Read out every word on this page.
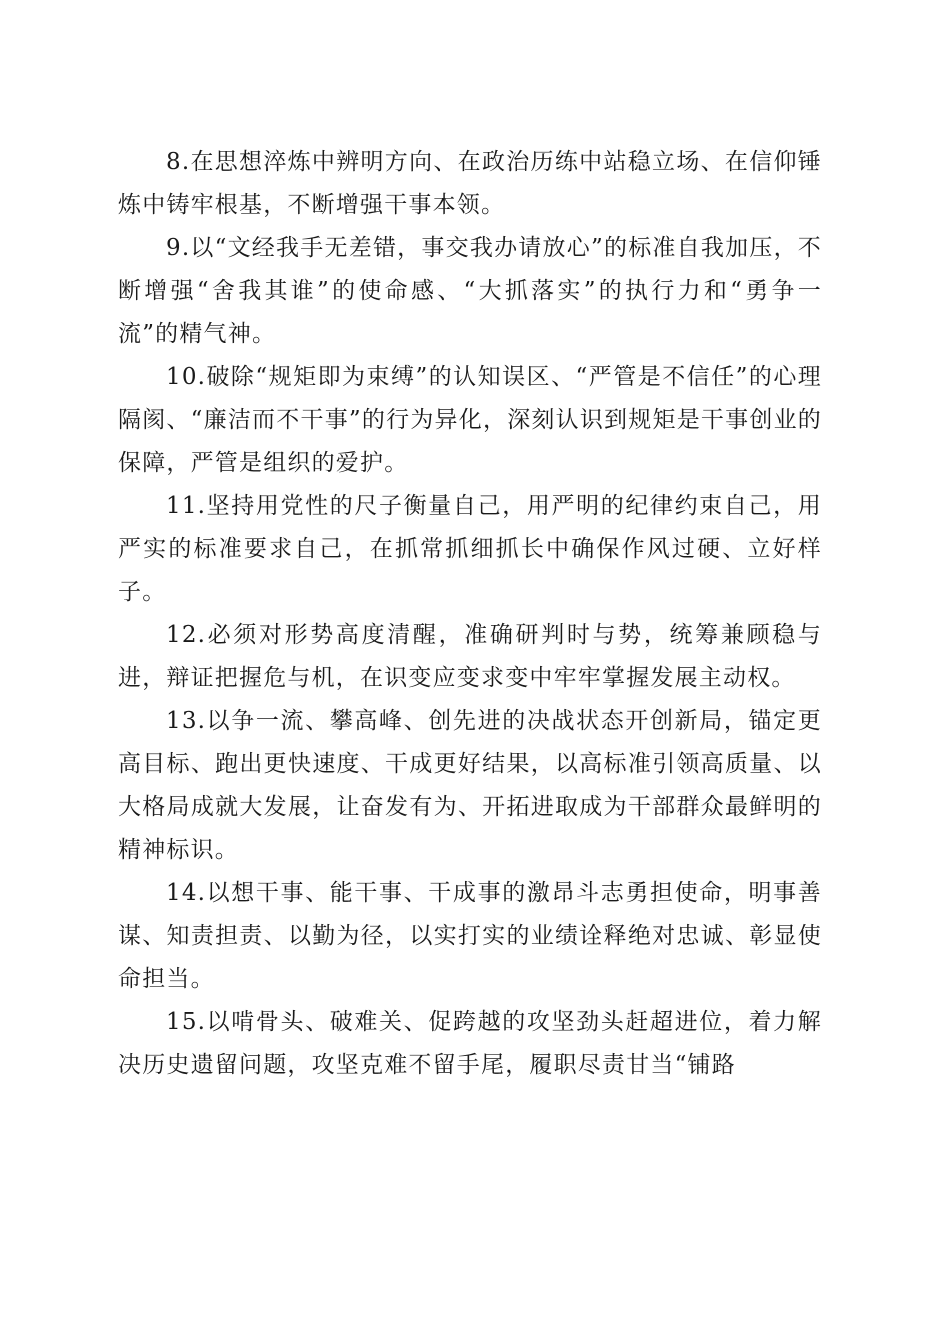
8.在思想淬炼中辨明方向、在政治历练中站稳立场、在信仰锤炼中铸牢根基，不断增强干事本领。

9.以“文经我手无差错，事交我办请放心”的标准自我加压，不断增强“舍我其谁”的使命感、“大抓落实”的执行力和“勇争一流”的精气神。

10.破除“规矩即为束缚”的认知误区、“严管是不信任”的心理隔阂、“廉洁而不干事”的行为异化，深刻认识到规矩是干事创业的保障，严管是组织的爱护。

11.坚持用党性的尺子衡量自己，用严明的纪律约束自己，用严实的标准要求自己，在抓常抓细抓长中确保作风过硬、立好样子。

12.必须对形势高度清醒，准确研判时与势，统筹兼顾稳与进，辩证把握危与机，在识变应变求变中牢牢掌握发展主动权。

13.以争一流、攀高峰、创先进的决战状态开创新局，锚定更高目标、跑出更快速度、干成更好结果，以高标准引领高质量、以大格局成就大发展，让奋发有为、开拓进取成为干部群众最鲜明的精神标识。

14.以想干事、能干事、干成事的激昂斗志勇担使命，明事善谋、知责担责、以勤为径，以实打实的业绩诠释绝对忠诚、彰显使命担当。

15.以啃骨头、破难关、促跨越的攻坚劲头赶超进位，着力解决历史遗留问题，攻坚克难不留手尾，履职尽责甘当“铺路
